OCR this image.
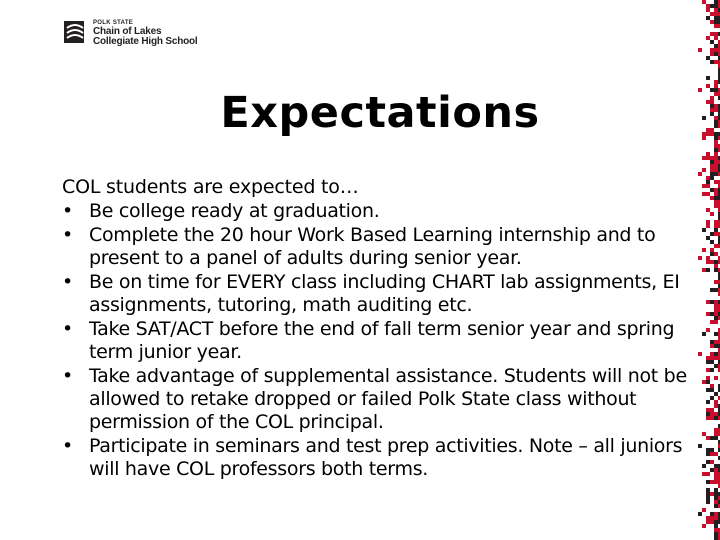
POLK STATE
Chain of Lakes
Collegiate High School
Expectations
COL students are expected to…
• Be college ready at graduation.
• Complete the 20 hour Work Based Learning internship and to present to a panel of adults during senior year.
• Be on time for EVERY class including CHART lab assignments, EI assignments, tutoring, math auditing etc.
• Take SAT/ACT before the end of fall term senior year and spring term junior year.
• Take advantage of supplemental assistance. Students will not be allowed to retake dropped or failed Polk State class without permission of the COL principal.
• Participate in seminars and test prep activities. Note – all juniors will have COL professors both terms.
